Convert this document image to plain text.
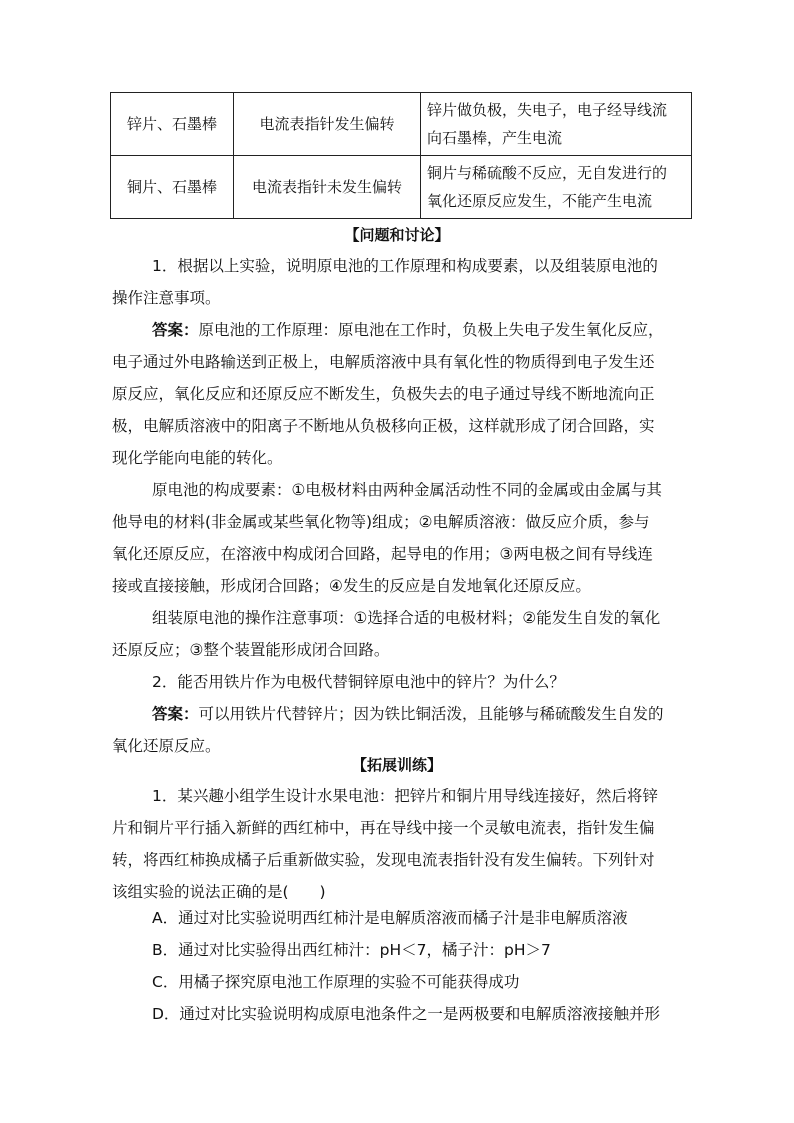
锌片、石墨棒	电流表指针发生偏转	锌片做负极，失电子，电子经导线流
向石墨棒，产生电流

铜片、石墨棒	电流表指针未发生偏转	铜片与稀硫酸不反应，无自发进行的
氧化还原反应发生，不能产生电流
【问题和讨论】
1．根据以上实验，说明原电池的工作原理和构成要素，以及组装原电池的
操作注意事项。
答案：原电池的工作原理：原电池在工作时，负极上失电子发生氧化反应，
电子通过外电路输送到正极上，电解质溶液中具有氧化性的物质得到电子发生还
原反应，氧化反应和还原反应不断发生，负极失去的电子通过导线不断地流向正
极，电解质溶液中的阳离子不断地从负极移向正极，这样就形成了闭合回路，实
现化学能向电能的转化。
原电池的构成要素：①电极材料由两种金属活动性不同的金属或由金属与其
他导电的材料(非金属或某些氧化物等)组成；②电解质溶液：做反应介质，参与
氧化还原反应，在溶液中构成闭合回路，起导电的作用；③两电极之间有导线连
接或直接接触，形成闭合回路；④发生的反应是自发地氧化还原反应。
组装原电池的操作注意事项：①选择合适的电极材料；②能发生自发的氧化
还原反应；③整个装置能形成闭合回路。
2．能否用铁片作为电极代替铜锌原电池中的锌片？为什么？
答案：可以用铁片代替锌片；因为铁比铜活泼，且能够与稀硫酸发生自发的
氧化还原反应。
【拓展训练】
1．某兴趣小组学生设计水果电池：把锌片和铜片用导线连接好，然后将锌
片和铜片平行插入新鲜的西红柿中，再在导线中接一个灵敏电流表，指针发生偏
转，将西红柿换成橘子后重新做实验，发现电流表指针没有发生偏转。下列针对
该组实验的说法正确的是(　　)
A．通过对比实验说明西红柿汁是电解质溶液而橘子汁是非电解质溶液
B．通过对比实验得出西红柿汁：pH＜7，橘子汁：pH＞7
C．用橘子探究原电池工作原理的实验不可能获得成功
D．通过对比实验说明构成原电池条件之一是两极要和电解质溶液接触并形
